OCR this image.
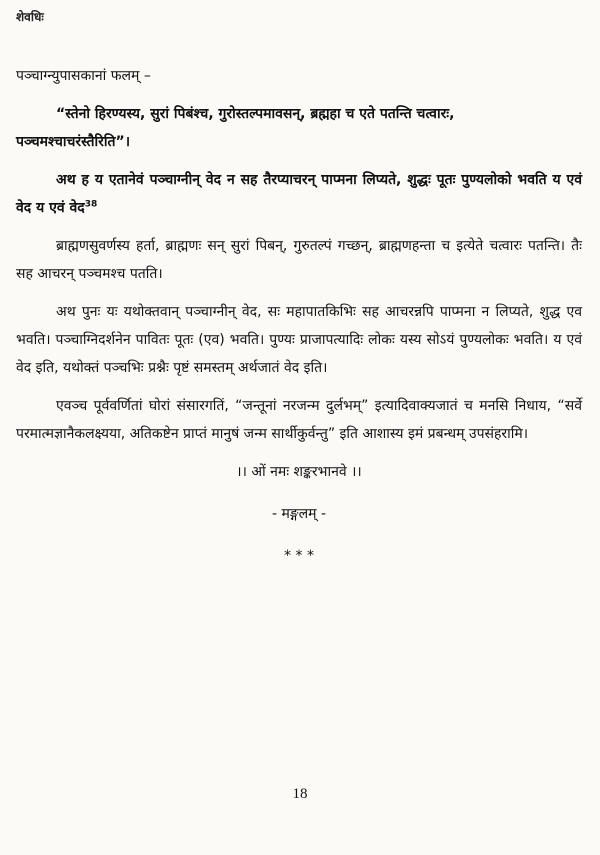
शेवधिः
पञ्चाग्न्युपासकानां फलम् –

“स्तेनो हिरण्यस्य, सुरां पिबंश्च, गुरोस्तल्पमावसन्, ब्रह्महा च एते पतन्ति चत्वारः,
पञ्चमश्चाचरंस्तैरिति”।

अथ ह य एतानेवं पञ्चाग्नीन् वेद न सह तैरप्याचरन् पाप्मना लिप्यते, शुद्धः पूतः पुण्यलोको भवति य एवं वेद य एवं वेद$^{38}$

ब्राह्मणसुवर्णस्य हर्ता, ब्राह्मणः सन् सुरां पिबन्, गुरुतल्पं गच्छन्, ब्राह्मणहन्ता च इत्येते चत्वारः पतन्ति। तैः सह आचरन् पञ्चमश्च पतति।

अथ पुनः यः यथोक्तवान् पञ्चाग्नीन् वेद, सः महापातकिभिः सह आचरन्नपि पाप्मना न लिप्यते, शुद्ध एव भवति। पञ्चाग्निदर्शनेन पावितः पूतः (एव) भवति। पुण्यः प्राजापत्यादिः लोकः यस्य सोऽयं पुण्यलोकः भवति। य एवं वेद इति, यथोक्तं पञ्चभिः प्रश्नैः पृष्टं समस्तम् अर्थजातं वेद इति।

एवञ्च पूर्ववर्णितां घोरां संसारगतिं, “जन्तूनां नरजन्म दुर्लभम्” इत्यादिवाक्यजातं च मनसि निधाय, “सर्वे परमात्मज्ञानैकलक्ष्यया, अतिकष्टेन प्राप्तं मानुषं जन्म सार्थीकुर्वन्तु” इति आशास्य इमं प्रबन्धम् उपसंहरामि।

।। ओं नमः शङ्करभानवे ।।

- मङ्गलम् -

* * *

18
